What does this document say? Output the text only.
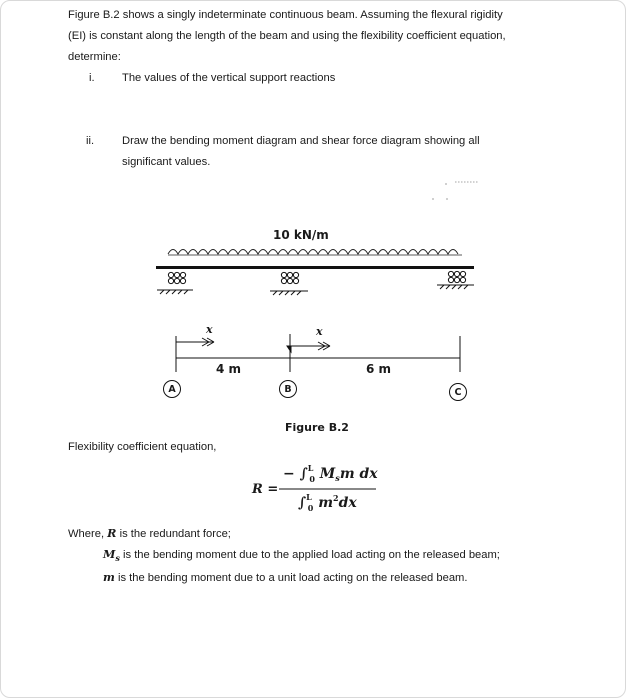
Figure B.2 shows a singly indeterminate continuous beam. Assuming the flexural rigidity
(EI) is constant along the length of the beam and using the flexibility coefficient equation,
determine:
i. The values of the vertical support reactions
ii. Draw the bending moment diagram and shear force diagram showing all
significant values.
10 kN/m
x	x
4 m	6 m
A	B	C
Figure B.2
Flexibility coefficient equation,
R =
− ∫$^L_0$ $M_sm$ dx
∫$^L_0$ $m^2dx$
Where, R is the redundant force;
$M_s$ is the bending moment due to the applied load acting on the released beam;
m is the bending moment due to a unit load acting on the released beam.
